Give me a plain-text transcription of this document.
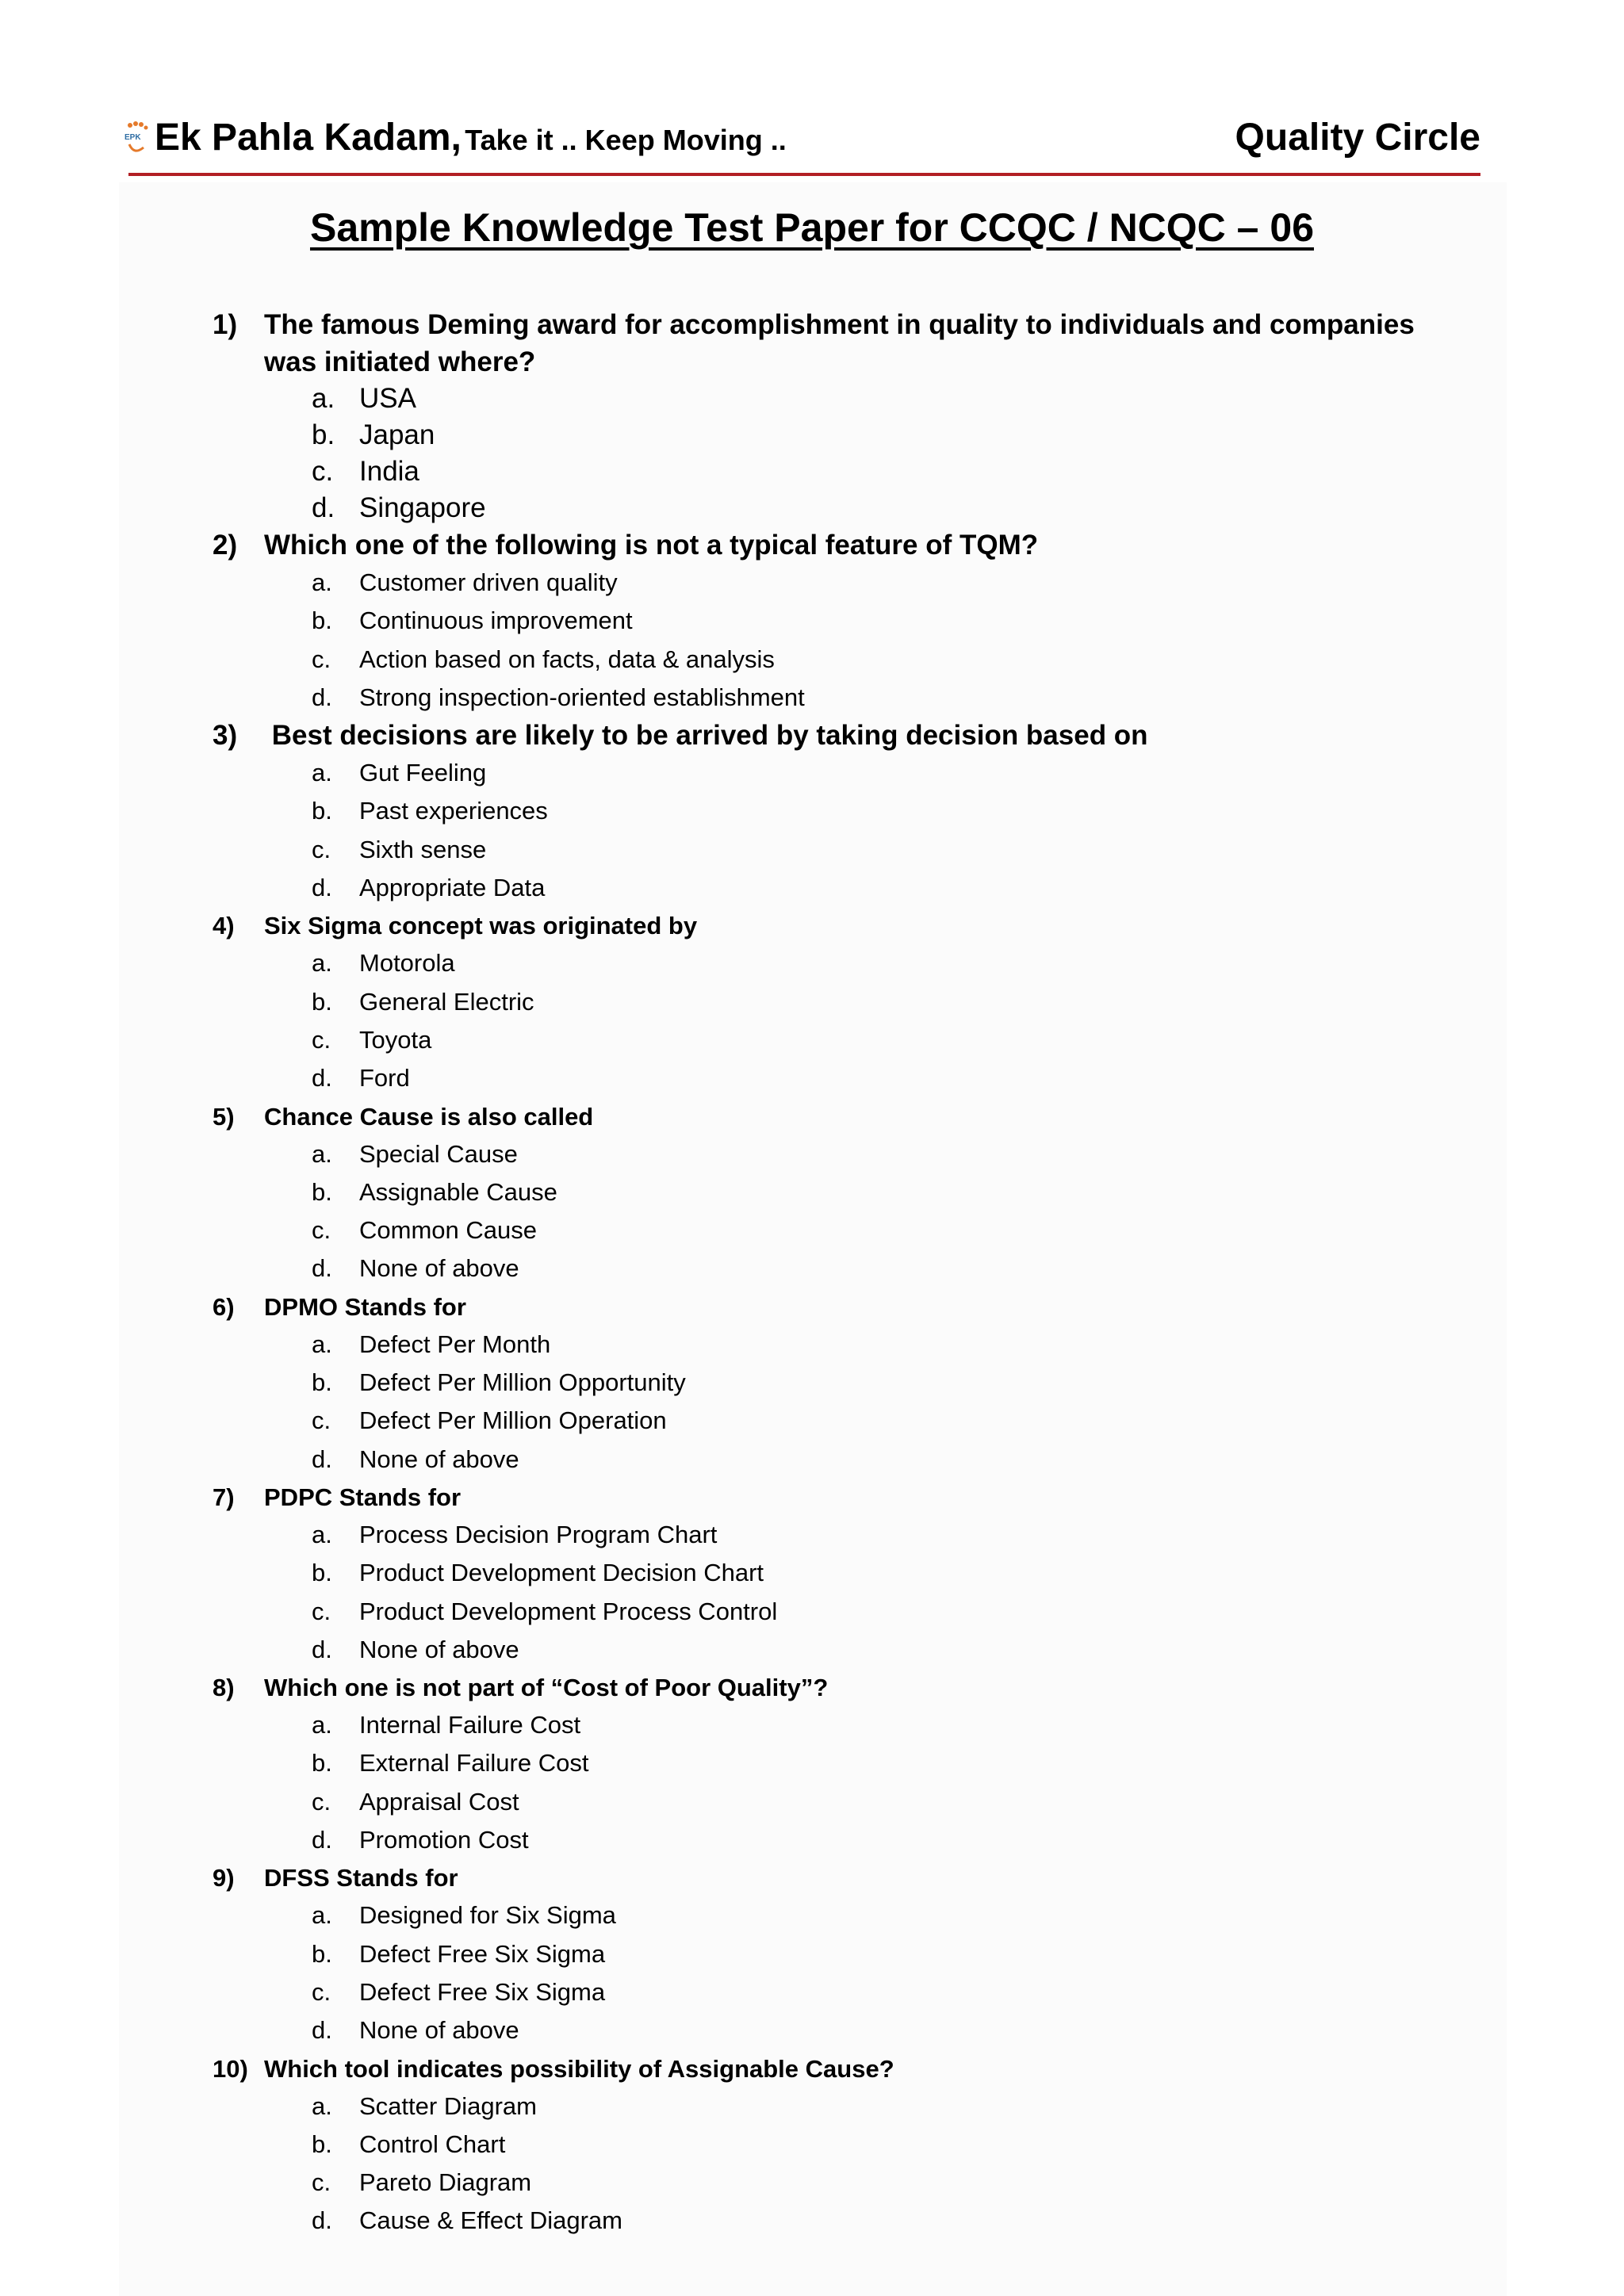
EPK Ek Pahla Kadam, Take it .. Keep Moving ..	Quality Circle
Sample Knowledge Test Paper for CCQC / NCQC – 06
1) The famous Deming award for accomplishment in quality to individuals and companies was initiated where?
a. USA
b. Japan
c. India
d. Singapore
2) Which one of the following is not a typical feature of TQM?
a.	Customer driven quality
b.	Continuous improvement
c.	Action based on facts, data & analysis
d.	Strong inspection-oriented establishment
3) Best decisions are likely to be arrived by taking decision based on
a.	Gut Feeling
b.	Past experiences
c.	Sixth sense
d.	Appropriate Data
4)	Six Sigma concept was originated by
a.	Motorola
b.	General Electric
c.	Toyota
d.	Ford
5)	Chance Cause is also called
a.	Special Cause
b.	Assignable Cause
c.	Common Cause
d.	None of above
6)	DPMO Stands for
a.	Defect Per Month
b.	Defect Per Million Opportunity
c.	Defect Per Million Operation
d.	None of above
7)	PDPC Stands for
a.	Process Decision Program Chart
b.	Product Development Decision Chart
c.	Product Development Process Control
d.	None of above
8)	Which one is not part of “Cost of Poor Quality”?
a.	Internal Failure Cost
b.	External Failure Cost
c.	Appraisal Cost
d.	Promotion Cost
9)	DFSS Stands for
a.	Designed for Six Sigma
b.	Defect Free Six Sigma
c.	Defect Free Six Sigma
d.	None of above
10) Which tool indicates possibility of Assignable Cause?
a.	Scatter Diagram
b.	Control Chart
c.	Pareto Diagram
d.	Cause & Effect Diagram
